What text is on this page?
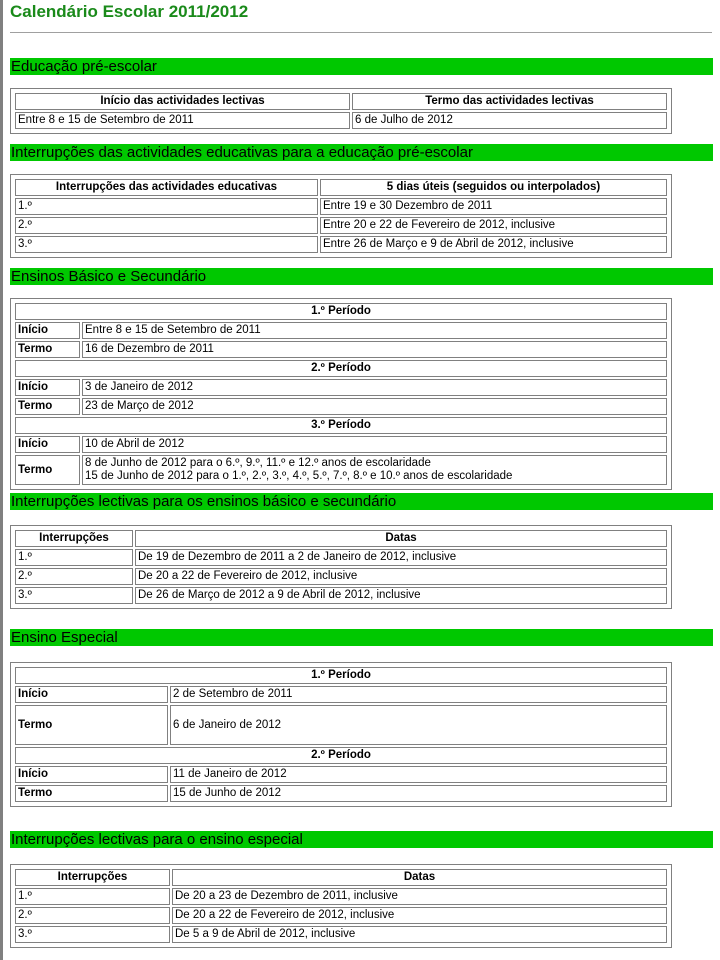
Calendário Escolar 2011/2012
Educação pré-escolar
Início das actividades lectivas	Termo das actividades lectivas
Entre 8 e 15 de Setembro de 2011	6 de Julho de 2012
Interrupções das actividades educativas para a educação pré-escolar
Interrupções das actividades educativas	5 dias úteis (seguidos ou interpolados)
1.º	Entre 19 e 30 Dezembro de 2011
2.º	Entre 20 e 22 de Fevereiro de 2012, inclusive
3.º	Entre 26 de Março e 9 de Abril de 2012, inclusive
Ensinos Básico e Secundário
1.º Período	
Início	Entre 8 e 15 de Setembro de 2011
Termo	16 de Dezembro de 2011
2.º Período	
Início	3 de Janeiro de 2012
Termo	23 de Março de 2012
3.º Período	
Início	10 de Abril de 2012
Termo	8 de Junho de 2012 para o 6.º, 9.º, 11.º e 12.º anos de escolaridade
15 de Junho de 2012 para o 1.º, 2.º, 3.º, 4.º, 5.º, 7.º, 8.º e 10.º anos de escolaridade
Interrupções lectivas para os ensinos básico e secundário
Interrupções	Datas
1.º	De 19 de Dezembro de 2011 a 2 de Janeiro de 2012, inclusive
2.º	De 20 a 22 de Fevereiro de 2012, inclusive
3.º	De 26 de Março de 2012 a 9 de Abril de 2012, inclusive
Ensino Especial
1.º Período	
Início	2 de Setembro de 2011
Termo	6 de Janeiro de 2012
2.º Período	
Início	11 de Janeiro de 2012
Termo	15 de Junho de 2012
Interrupções lectivas para o ensino especial
Interrupções	Datas
1.º	De 20 a 23 de Dezembro de 2011, inclusive
2.º	De 20 a 22 de Fevereiro de 2012, inclusive
3.º	De 5 a 9 de Abril de 2012, inclusive
